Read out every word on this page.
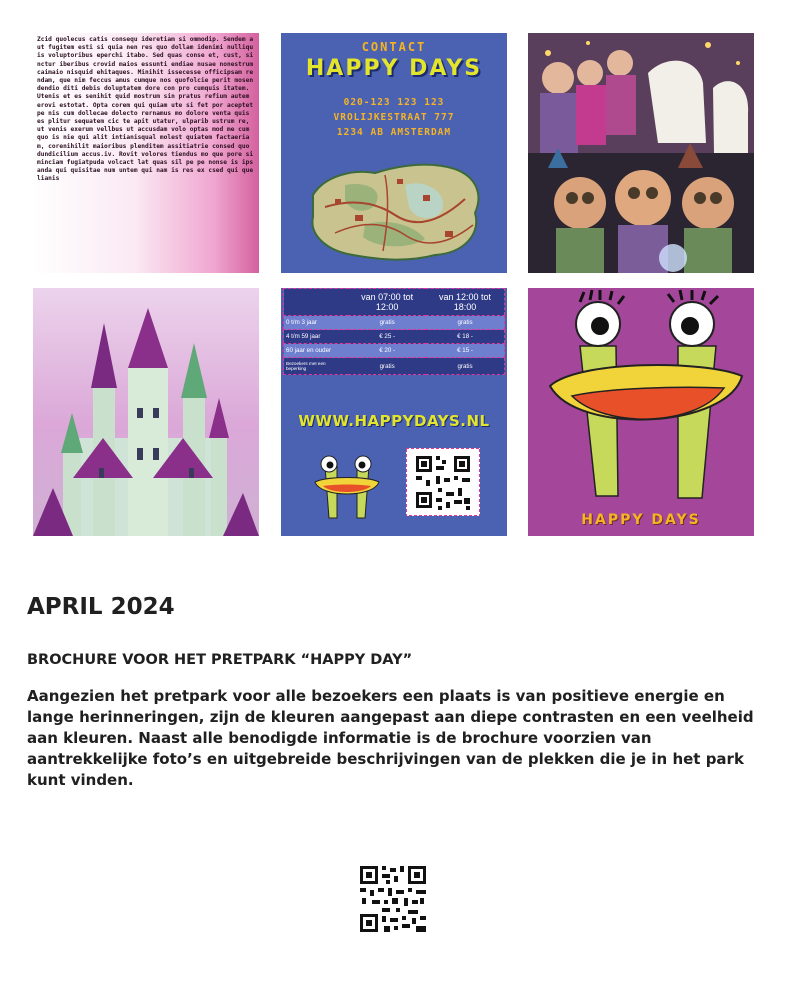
Zcid quolecus catis consequ ideretiam si ommodip. Sendem aut fugitem esti si quia nen res quo dollam idenimi nulliquis voluptoribus eperchi itabo. Sed quas conse et, cust, sinctur iberibus crovid maios essunti endiae nusae nonestrum caimaio nisquid ehitaques. Minihit issecesse officipsam rendam, que nim feccus amus cumque nos quofolcie perit mosendendio diti debis doluptatem dore con pro cumquis itatem. Utenis et es senihit quid mostrum sin pratus refium autem erovi estotat. Opta corem qui quiam ute si fet por aceptetpe nis cum dollecae dolecto rernamus mo dolore venta quis es plitur sequatem cic te apit utatur, ulparib ustrum re, ut venis exerum vellbus ut accusdam volo optas mod me cum quo is nie qui alit intianisqual molest quiatem factaeriam, corenihilit maioribus plenditem assitiatrie consed quo dundicilium accus.iv. Rovit volores tiendus mo que pore siminciam fugiatpuda volcact lat quas sil pe pe nonse is ipsanda qui quisitae num untem qui nam is res ex csed qui quelianis

CONTACT
HAPPY DAYS
020-123 123 123
VROLIJKESTRAAT 777
1234 AB AMSTERDAM
	van 07:00 tot 12:00	van 12:00 tot 18:00
0 t/m 3 jaar	gratis	gratis
4 t/m 59 jaar	€ 25 -	€ 18 -
60 jaar en ouder	€ 20 -	€ 15 -
Bezoekers met een beperking	gratis	gratis
WWW.HAPPYDAYS.NL
HAPPY DAYS
APRIL 2024
BROCHURE VOOR HET PRETPARK “HAPPY DAY”

Aangezien het pretpark voor alle bezoekers een plaats is van positieve energie en lange herinneringen, zijn de kleuren aangepast aan diepe contrasten en een veelheid aan kleuren. Naast alle benodigde informatie is de brochure voorzien van aantrekkelijke foto’s en uitgebreide beschrijvingen van de plekken die je in het park kunt vinden.
